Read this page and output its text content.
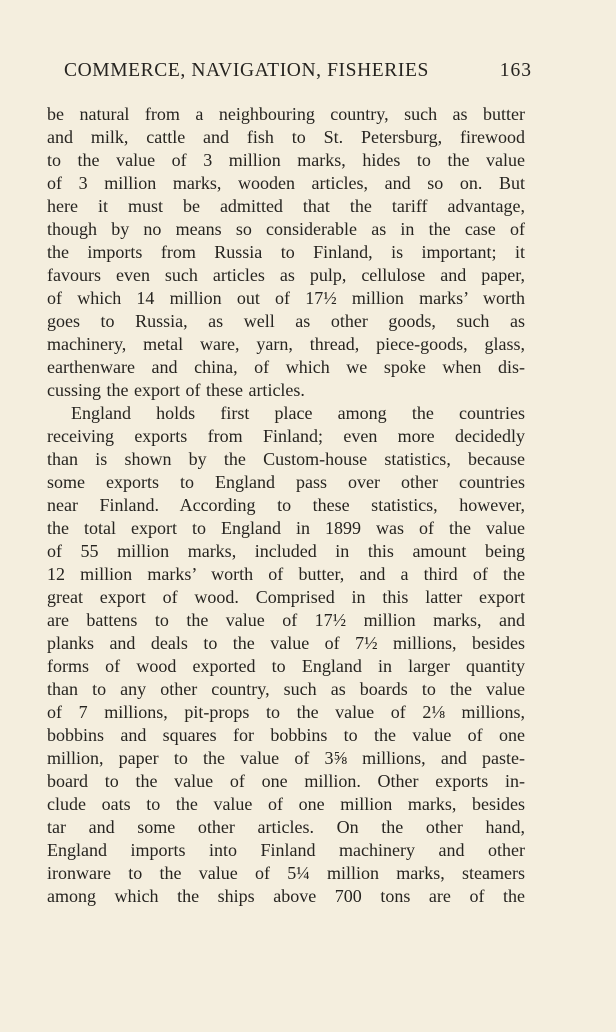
COMMERCE, NAVIGATION, FISHERIES	163
be natural from a neighbouring country, such as butter
and milk, cattle and fish to St. Petersburg, firewood
to the value of 3 million marks, hides to the value
of 3 million marks, wooden articles, and so on. But
here it must be admitted that the tariff advantage,
though by no means so considerable as in the case of
the imports from Russia to Finland, is important; it
favours even such articles as pulp, cellulose and paper,
of which 14 million out of 17½ million marks’ worth
goes to Russia, as well as other goods, such as
machinery, metal ware, yarn, thread, piece-goods, glass,
earthenware and china, of which we spoke when dis-
cussing the export of these articles.
England holds first place among the countries
receiving exports from Finland; even more decidedly
than is shown by the Custom-house statistics, because
some exports to England pass over other countries
near Finland. According to these statistics, however,
the total export to England in 1899 was of the value
of 55 million marks, included in this amount being
12 million marks’ worth of butter, and a third of the
great export of wood. Comprised in this latter export
are battens to the value of 17½ million marks, and
planks and deals to the value of 7½ millions, besides
forms of wood exported to England in larger quantity
than to any other country, such as boards to the value
of 7 millions, pit-props to the value of 2⅛ millions,
bobbins and squares for bobbins to the value of one
million, paper to the value of 3⅝ millions, and paste-
board to the value of one million. Other exports in-
clude oats to the value of one million marks, besides
tar and some other articles. On the other hand,
England imports into Finland machinery and other
ironware to the value of 5¼ million marks, steamers
among which the ships above 700 tons are of the
